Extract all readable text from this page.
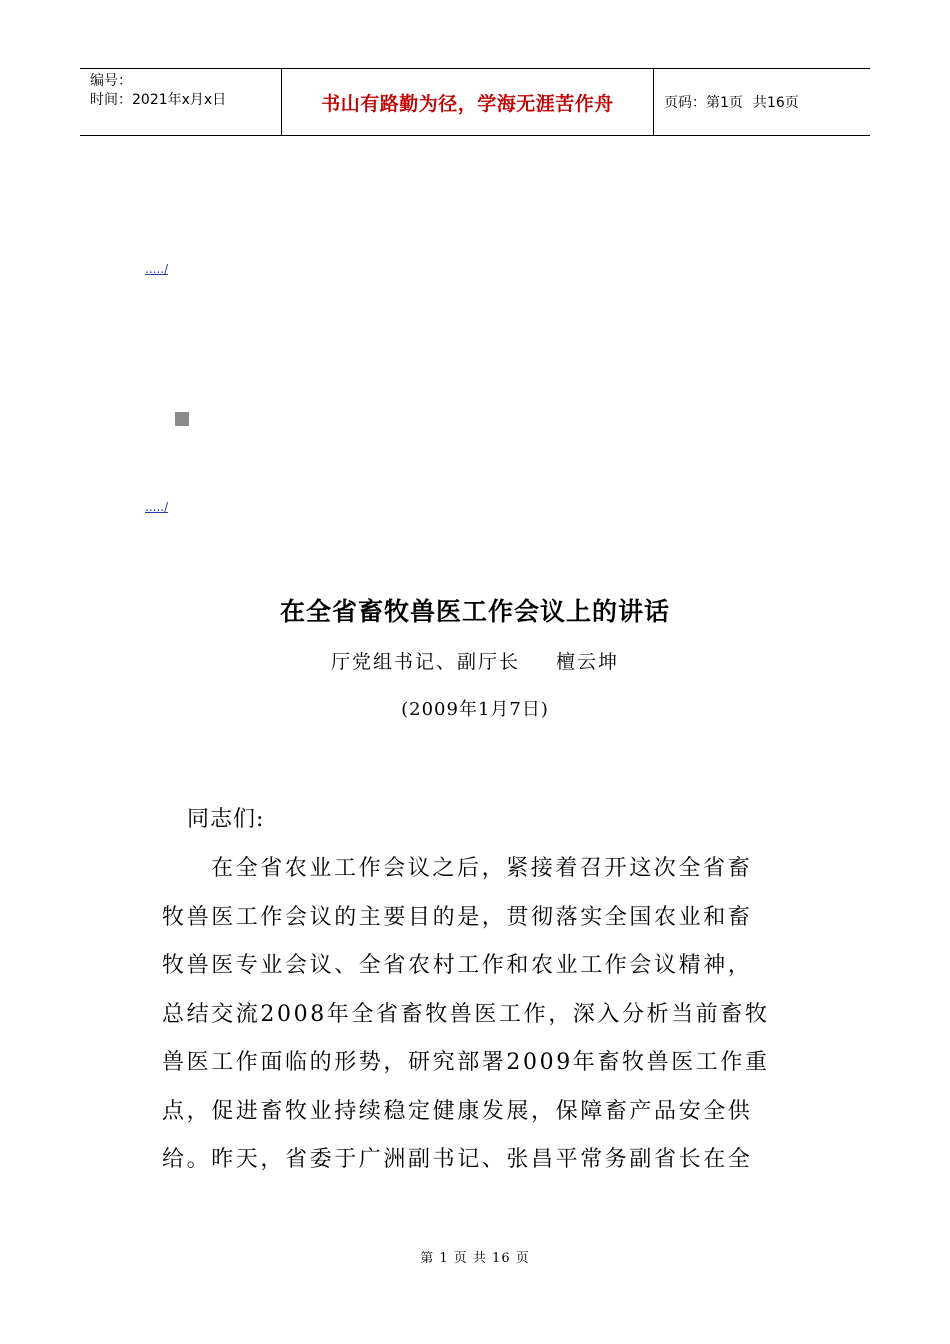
编号：
时间：2021年x月x日	书山有路勤为径，学海无涯苦作舟	页码：第1页 共16页
...../
...../
在全省畜牧兽医工作会议上的讲话
厅党组书记、副厅长 檀云坤
(2009年1月7日)
同志们:
在全省农业工作会议之后，紧接着召开这次全省畜
牧兽医工作会议的主要目的是，贯彻落实全国农业和畜
牧兽医专业会议、全省农村工作和农业工作会议精神，
总结交流2008年全省畜牧兽医工作，深入分析当前畜牧
兽医工作面临的形势，研究部署2009年畜牧兽医工作重
点，促进畜牧业持续稳定健康发展，保障畜产品安全供
给。昨天，省委于广洲副书记、张昌平常务副省长在全
第 1 页 共 16 页
